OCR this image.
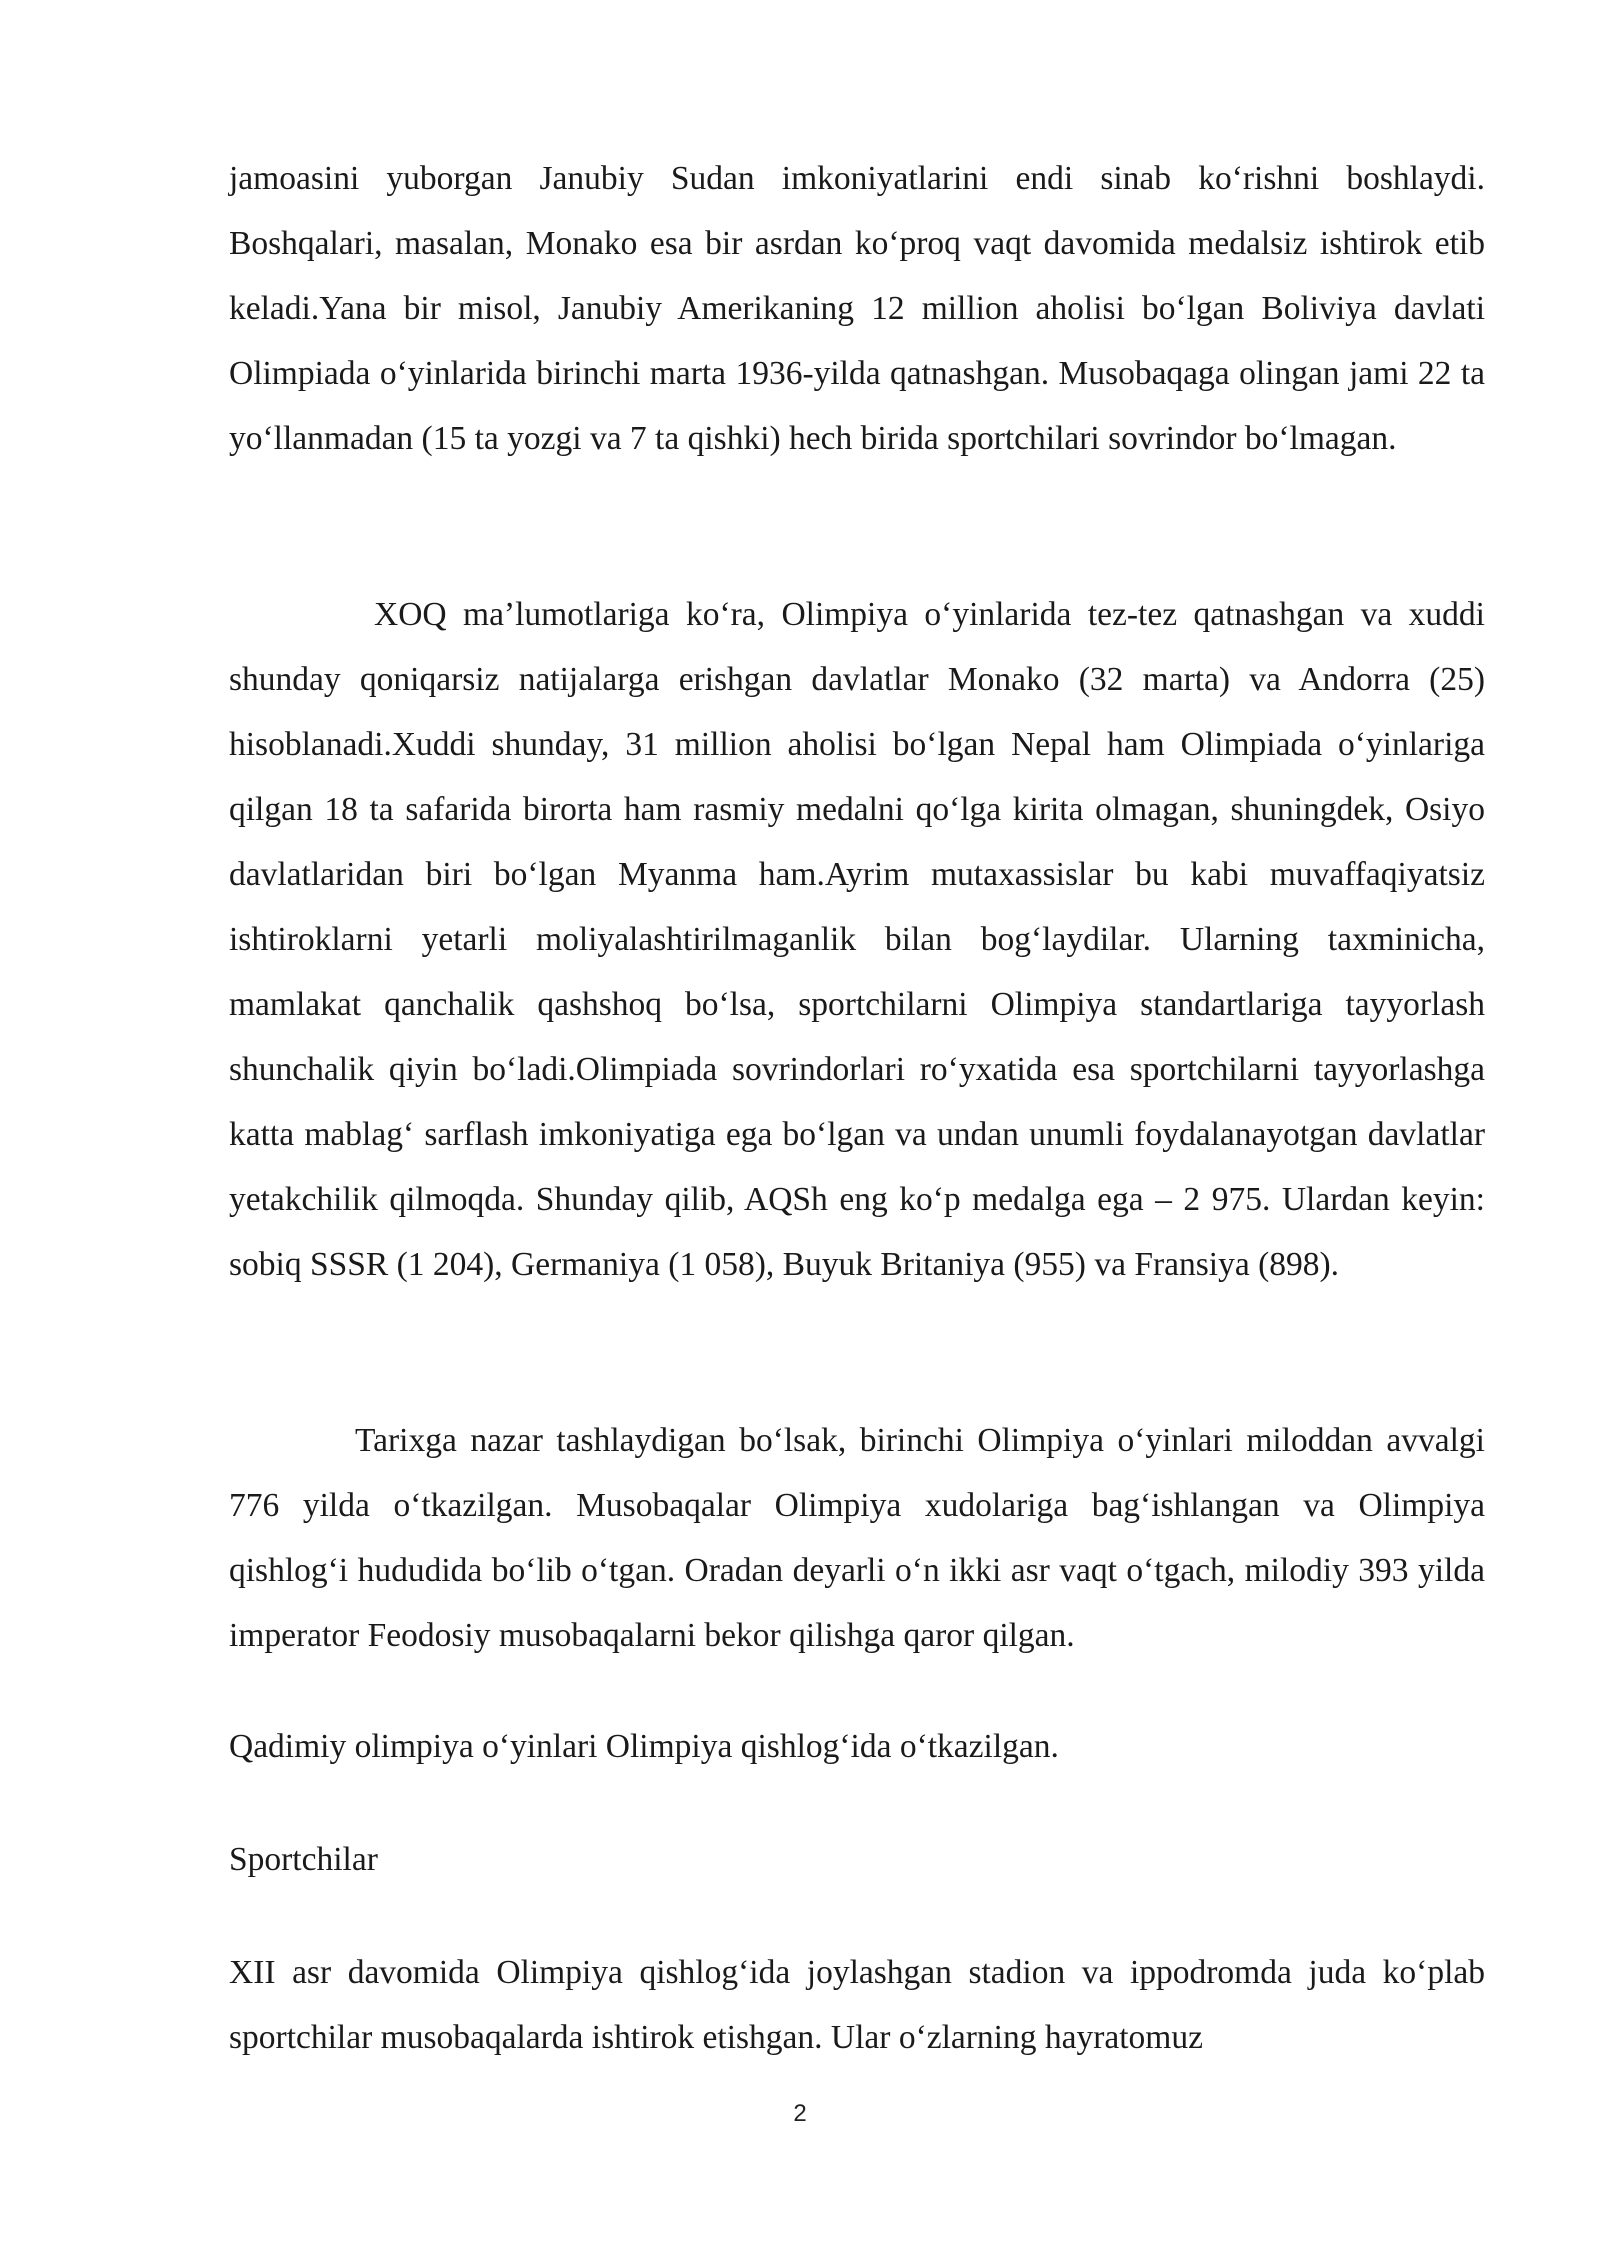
jamoasini yuborgan Janubiy Sudan imkoniyatlarini endi sinab ko‘rishni boshlaydi. Boshqalari, masalan, Monako esa bir asrdan ko‘proq vaqt davomida medalsiz ishtirok etib keladi.Yana bir misol, Janubiy Amerikaning 12 million aholisi bo‘lgan Boliviya davlati Olimpiada o‘yinlarida birinchi marta 1936-yilda qatnashgan. Musobaqaga olingan jami 22 ta yo‘llanmadan (15 ta yozgi va 7 ta qishki) hech birida sportchilari sovrindor bo‘lmagan.

XOQ ma’lumotlariga ko‘ra, Olimpiya o‘yinlarida tez-tez qatnashgan va xuddi shunday qoniqarsiz natijalarga erishgan davlatlar Monako (32 marta) va Andorra (25) hisoblanadi.Xuddi shunday, 31 million aholisi bo‘lgan Nepal ham Olimpiada o‘yinlariga qilgan 18 ta safarida birorta ham rasmiy medalni qo‘lga kirita olmagan, shuningdek, Osiyo davlatlaridan biri bo‘lgan Myanma ham.Ayrim mutaxassislar bu kabi muvaffaqiyatsiz ishtiroklarni yetarli moliyalashtirilmaganlik bilan bog‘laydilar. Ularning taxminicha, mamlakat qanchalik qashshoq bo‘lsa, sportchilarni Olimpiya standartlariga tayyorlash shunchalik qiyin bo‘ladi.Olimpiada sovrindorlari ro‘yxatida esa sportchilarni tayyorlashga katta mablag‘ sarflash imkoniyatiga ega bo‘lgan va undan unumli foydalanayotgan davlatlar yetakchilik qilmoqda. Shunday qilib, AQSh eng ko‘p medalga ega – 2 975. Ulardan keyin: sobiq SSSR (1 204), Germaniya (1 058), Buyuk Britaniya (955) va Fransiya (898).

Tarixga nazar tashlaydigan bo‘lsak, birinchi Olimpiya o‘yinlari miloddan avvalgi 776 yilda o‘tkazilgan. Musobaqalar Olimpiya xudolariga bag‘ishlangan va Olimpiya qishlog‘i hududida bo‘lib o‘tgan. Oradan deyarli o‘n ikki asr vaqt o‘tgach, milodiy 393 yilda imperator Feodosiy musobaqalarni bekor qilishga qaror qilgan.

Qadimiy olimpiya o‘yinlari Olimpiya qishlog‘ida o‘tkazilgan.

Sportchilar

XII asr davomida Olimpiya qishlog‘ida joylashgan stadion va ippodromda juda ko‘plab sportchilar musobaqalarda ishtirok etishgan. Ular o‘zlarning hayratomuz

2
